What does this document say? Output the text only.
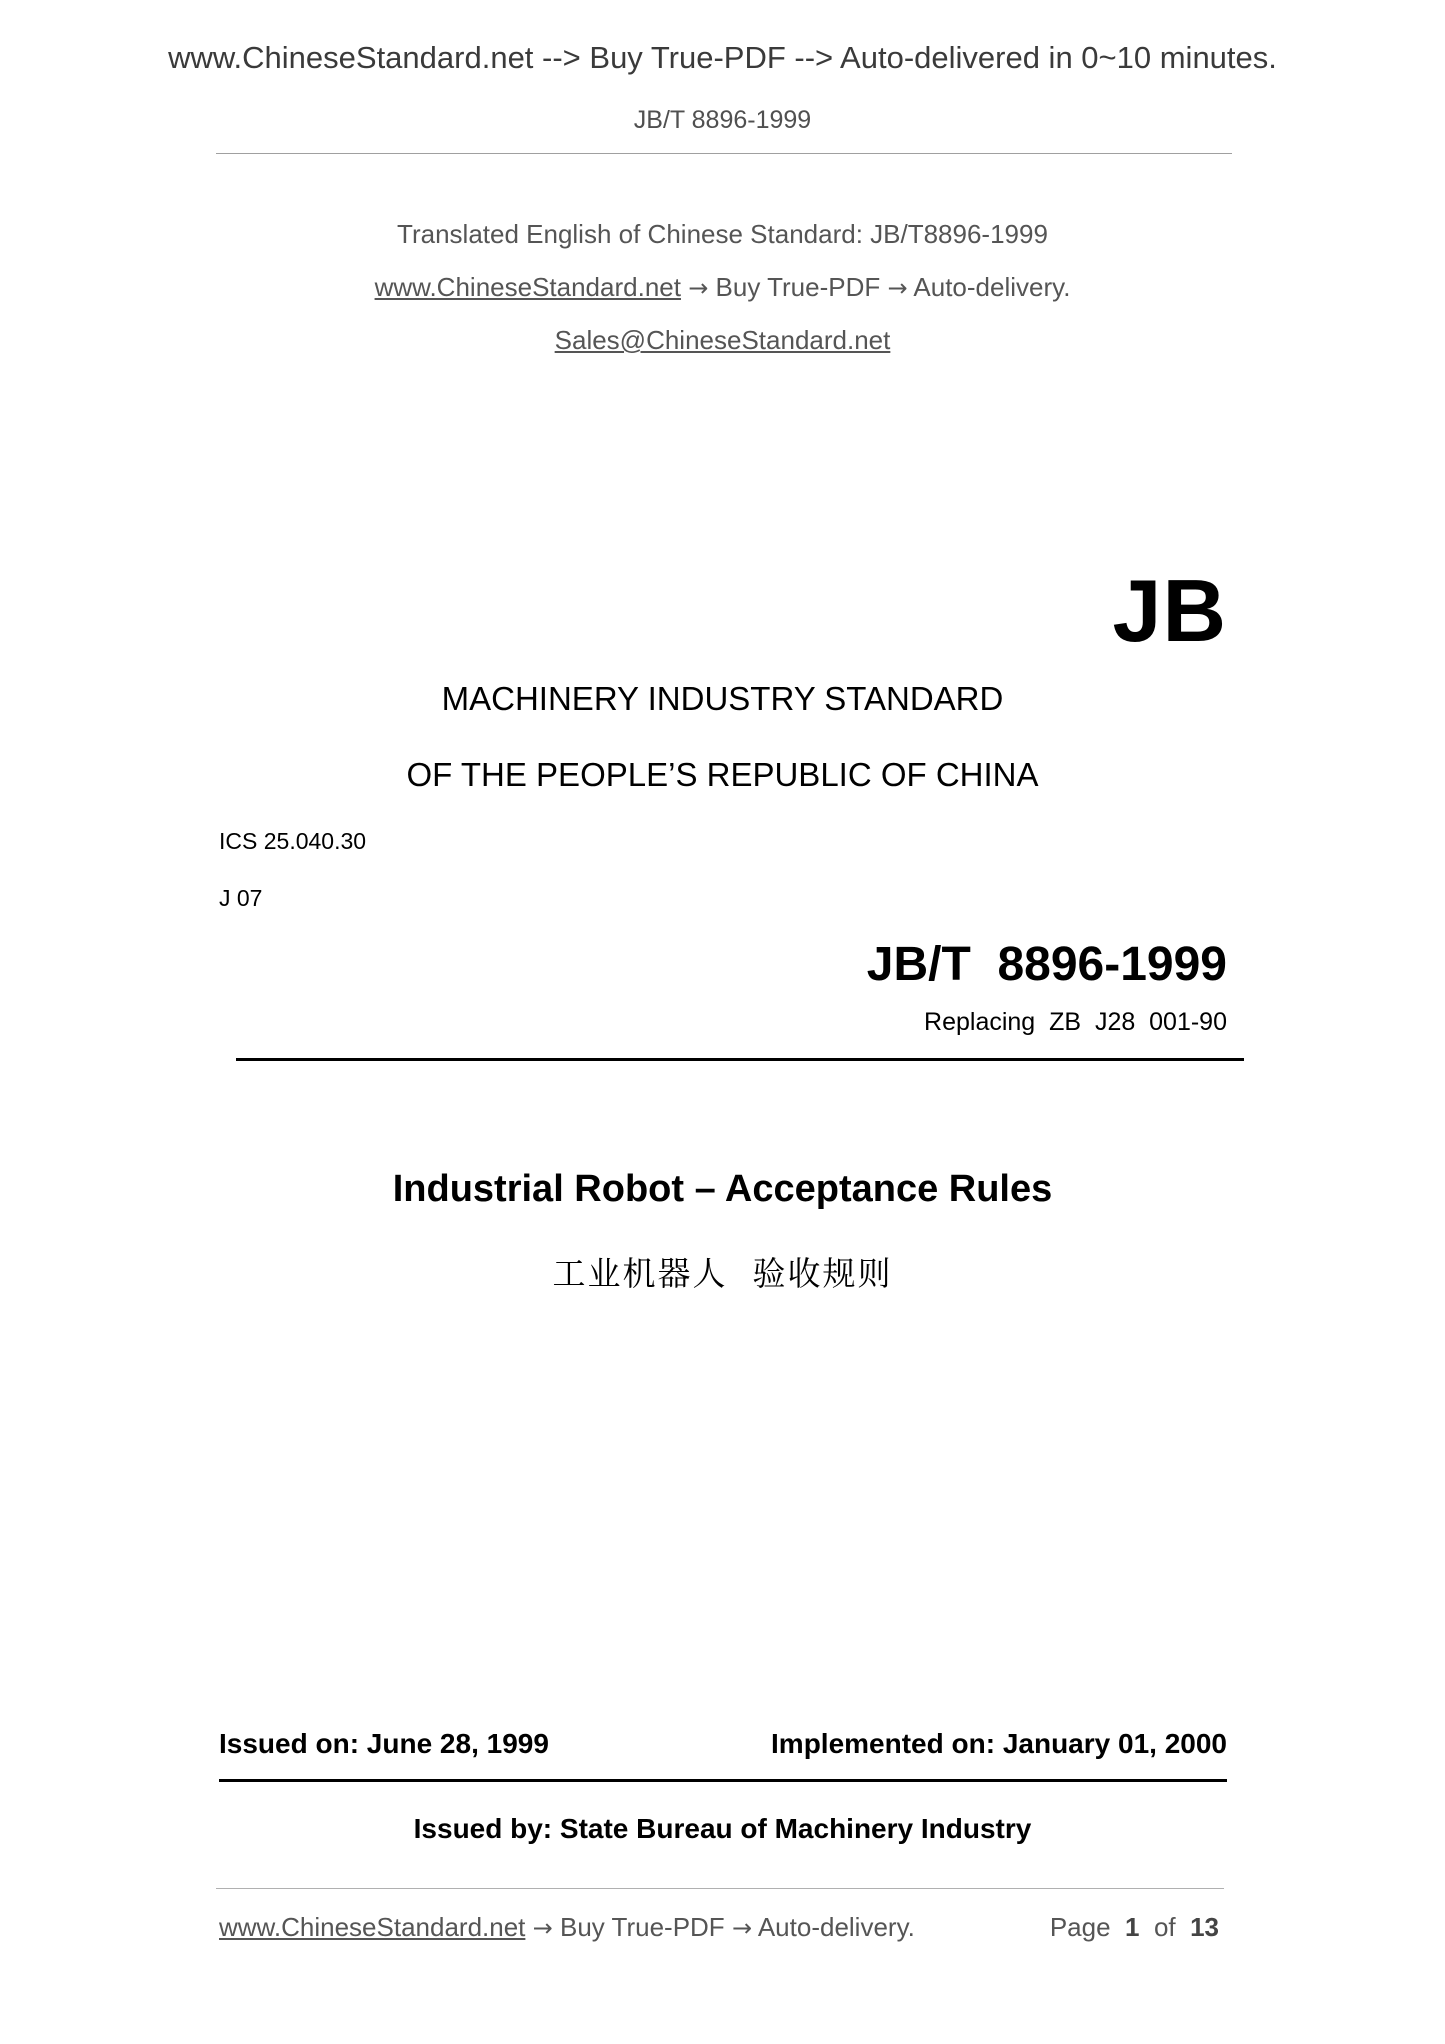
www.ChineseStandard.net --> Buy True-PDF --> Auto-delivered in 0~10 minutes.
JB/T 8896-1999
Translated English of Chinese Standard: JB/T8896-1999
www.ChineseStandard.net → Buy True-PDF → Auto-delivery.
Sales@ChineseStandard.net
JB
MACHINERY INDUSTRY STANDARD
OF THE PEOPLE’S REPUBLIC OF CHINA
ICS 25.040.30
J 07
JB/T  8896-1999
Replacing  ZB  J28  001-90
Industrial Robot – Acceptance Rules
工业机器人  验收规则
Issued on: June 28, 1999	Implemented on: January 01, 2000
Issued by: State Bureau of Machinery Industry
www.ChineseStandard.net → Buy True-PDF → Auto-delivery.	Page 1 of 13
